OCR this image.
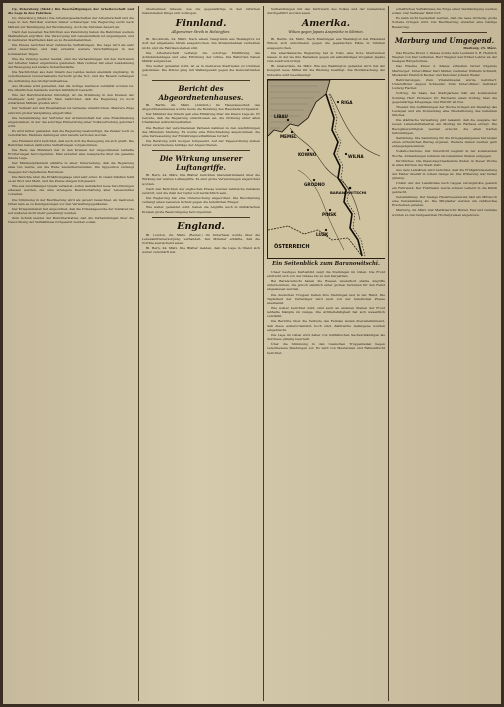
Cp. Petersburg (Meld.) Die Beschäftigungen der Arbeiterschaft und die Lage in den Fabriken.

Cp. Petersburg (Meld.) Die Arbeitergesellschaften der Arbeiterschaft und die Lage in den Fabriken werden immer schwieriger. Die Regierung sucht nach Mitteln zur Beruhigung der Bevölkerung, doch die Unruhen dauern an.

Nach den neuesten Nachrichten aus Petersburg haben die Behörden weitere Maßnahmen ergriffen. Die Versorgung mit Lebensmitteln ist ungenügend, und in mehreren Stadtteilen kam es zu Zusammenstößen.

Die Presse berichtet über zahlreiche Verhaftungen. Die Lage wird als sehr ernst bezeichnet, und man erwartet weitere Verschärfungen in den kommenden Tagen.

Wie die Zeitung weiter meldet, sind die Verhandlungen mit den Vertretern der Arbeiter bisher ergebnislos geblieben. Man rechnet mit einer Ausdehnung der Bewegung auf andere Industriestädte.

Die Nachrichten aus dem Innern des Landes lauten ebenfalls ungünstig. In verschiedenen Gouvernements herrscht große Not, und die Bauern verlangen die Aufteilung des Großgrundbesitzes.

Aus Moskau wird gemeldet, daß die dortige Garnison verstärkt worden ist. Die öffentlichen Gebäude werden militärisch bewacht.

Wie der Berichterstatter hinzufügt, ist die Stimmung in den Kreisen der Intelligenz sehr gedrückt. Man befürchtet, daß die Regierung zu noch schärferen Mitteln greifen wird.

Der Verkehr auf den Eisenbahnen ist teilweise unterbrochen. Mehrere Züge sind mit großer Verspätung eingetroffen.

Die Versammlung der Vertreter der Arbeiterschaft hat eine Entschließung angenommen, in der die sofortige Einberufung einer Volksvertretung gefordert wird.

Es wird ferner gemeldet, daß die Regierung beabsichtigt, die Zensur noch zu verschärfen. Mehrere Zeitungen sind bereits verboten worden.

Aus Finnland wird berichtet, daß auch dort die Bewegung um sich greift. Die Behörden haben zahlreiche Verhaftungen vorgenommen.

Die Rede des Ministers hat in den Kreisen der Abgeordneten lebhafte Erörterungen hervorgerufen. Man erwartet eine Aussprache über die gesamte innere Lage.

Der Ministerpräsident erklärte in einer Unterredung, daß die Regierung alles tun werde, um die Ruhe wiederherzustellen. Die Opposition verlangt dagegen durchgreifende Reformen.

Die Berichte über die Ernährungslage sind sehr ernst. In vielen Städten fehlt es an Brot und Mehl, und die Preise steigen fortgesetzt.

Wie aus zuverlässiger Quelle verlautet, sollen demnächst neue Verordnungen erlassen werden, die eine strengere Bewirtschaftung aller Lebensmittel vorsehen.

Die Stimmung in der Bevölkerung wird als gereizt bezeichnet. An mehreren Orten kam es zu Kundgebungen vor den Verwaltungsgebäuden.

Der Kriegsminister hat angeordnet, daß die Urlaubsgesuche der Soldaten bis auf weiteres nicht mehr genehmigt werden.

Zum Schluß meldet der Berichterstatter, daß die Verhandlungen über die Neuordnung der Verhältnisse fortgesetzt werden sollen.

übernehmen müssen, wie die gegenwärtige in den östlichen Gebietsteilen Dinge sich vollzogen.

Finnland.
Allgemeiner Streik in Helsingfors.

Bl. Stockholm, 24. März. Nach einem Telegramm aus Helsingfors ist dort der allgemeine Streik ausgebrochen. Die Straßenbahnen verkehren nicht, und die Fabriken stehen still.

Die Arbeiterschaft verlangt die sofortige Einführung des Achtstundentages und eine Erhöhung der Löhne. Die Behörden haben Militär aufgeboten.

Wie weiter gemeldet wird, ist es in mehreren Stadtteilen zu Unruhen gekommen. Die Polizei ging mit Waffengewalt gegen die Demonstranten vor.

Bericht des Abgeordnetenhauses.

Bl. Berlin, 24. März. (Amtlich.) Im Hauptausschuß des Abgeordnetenhauses wurde heute die Beratung des Haushalts fortgesetzt.

Der Minister des Innern gab eine Erklärung über die innere Lage ab. Er betonte, daß die Regierung entschlossen sei, die Ordnung unter allen Umständen aufrechtzuerhalten.

Die Redner der verschiedenen Parteien nahmen zu den Ausführungen des Ministers Stellung. Es wurde eine Entschließung angenommen, die eine Verbesserung der Ernährungsverhältnisse fordert.

Die Beratung wird morgen fortgesetzt. Auf der Tagesordnung stehen ferner verschiedene Anträge der Abgeordneten.

Die Wirkung unserer Luftangriffe.

Bl. Bern, 24. März. Die Blätter berichten übereinstimmend über die Wirkung der letzten Luftangriffe. Es sind große Verwüstungen angerichtet worden.

Nach den Berichten der englischen Presse wurden zahlreiche Gebäude zerstört, und die Zahl der Opfer soll beträchtlich sein.

Die Regierung hat eine Untersuchung angeordnet. Die Bevölkerung verlangt einen besseren Schutz gegen die feindlichen Flieger.

Wie weiter gemeldet wird, haben die Angriffe auch in militärischen Kreisen große Beunruhigung hervorgerufen.

England.

Bl. London, 24. März. (Reuter.) Im Unterhaus wurde über die Lebensmittelversorgung verhandelt. Der Minister erklärte, daß die Vorräte ausreichend seien.

Bl. Bern, 24. März. Die Blätter melden, daß die Lage in Irland sich weiter verschärft hat.

Verhandlungen mit den Vertretern des Volkes und der Gemeinden durchgeführt worden seien.

Amerika.
Wilson gegen Japans Ansprüche in Sibirien.

Bl. Berlin, 24. März. Nach Meldungen aus Washington hat Präsident Wilson sich entschieden gegen die japanischen Pläne in Sibirien ausgesprochen.

Die amerikanische Regierung hat in Tokio eine Note überreichen lassen, in der sie ihre Bedenken gegen ein selbständiges Vorgehen Japans zum Ausdruck bringt.

Bl. Amsterdam, 24. März. Wie aus Washington gemeldet wird, hat der Kongreß neue Mittel für die Rüstung bewilligt. Die Mobilmachung der Industrie wird beschleunigt.

MEMEL
LIBAU
RIGA
KOWNO	WILNA
GRODNO
BARANOWITSCHI
PINSK
LUZK
ÖSTERREICH
Ein Seitenblick zum Baranowitschi.

Unser heutiges Kartenbild zeigt die Stellungen im Osten. Die Front erstreckt sich von der Ostsee bis zu den Karpathen.

Bei Baranowitschi haben die Russen wiederholt starke Angriffe unternommen, die jedoch sämtlich unter großen Verlusten für den Feind abgewiesen wurden.

Die deutschen Truppen halten ihre Stellungen fest in der Hand. Die Tapferkeit der Verteidiger wird auch von der feindlichen Presse anerkannt.

Wie weiter berichtet wird, sind auch an anderen Stellen der Front lebhafte Kämpfe im Gange. Die Artillerietätigkeit hat sich wesentlich verstärkt.

Die Berichte über die Verluste des Feindes lauten übereinstimmend, daß diese außerordentlich hoch sind. Zahlreiche Gefangene wurden eingebracht.

Die Lage im Osten wird daher von militärischen Sachverständigen als durchaus günstig beurteilt.

Über die Stimmung in den russischen Truppenteilen liegen verschiedene Meldungen vor. Es wird von Meutereien und Fahnenflucht berichtet.

schaftlichen Verhältnisse die Folge einer Verständigung werden sollen. Der Verfasser fährt fort:

Es kann nicht bezweifelt werden, daß die neue Ordnung große Vorteile bringen wird. Die Bevölkerung erwartet eine baldige Besserung.

Marburg und Umgegend.

Marburg, 25. März.

Das Eiserne Kreuz 1. Klasse wurde dem Leutnant d. R. Heinrich Wagner von hier verliehen. Herr Wagner war früher Lehrer an der hiesigen Bürgerschule.

Das Eiserne Kreuz 2. Klasse erhielten ferner folgende Marburger: Unteroffizier Karl Müller, Gefreiter Wilhelm Schmidt, Musketier Heinrich Becker und Kanonier Johann Weber.

Beförderungen. Zum Vizefeldwebel wurde befördert: Unteroffizier August Schneider. Zum Unteroffizier: Gefreiter Ludwig Fischer.

Vortrag. Im Saale des Stadtgartens hält am kommenden Sonntag Herr Professor Dr. Hermann einen Vortrag über die gegenwärtige Kriegslage. Der Eintritt ist frei.

Theater. Die Aufführungen der Woche bringen am Dienstag das Lustspiel und am Donnerstag eine Wiederholung des beliebten Stückes.

Die städtische Verwaltung gibt bekannt, daß die Ausgabe der neuen Lebensmittelkarten am Montag im Rathaus erfolgt. Die Bezugsberechtigten werden ersucht, die alten Karten mitzubringen.

Sammlung. Die Sammlung für die Kriegsgefangenen hat bisher einen erfreulichen Betrag ergeben. Weitere Gaben werden gern entgegengenommen.

Volkshochschule. Der Unterricht beginnt in der kommenden Woche. Anmeldungen nehmen die bekannten Stellen entgegen.

Kirchliches. Die Passionsgottesdienste finden in dieser Woche in allen Kirchen der Stadt statt.

Aus dem Landkreis wird berichtet, daß die Frühjahrsbestellung der Felder überall in vollem Gange ist. Die Witterung war bisher günstig.

Unfall. Auf der Landstraße nach Cappel verunglückte gestern ein Fuhrwerk. Der Fuhrmann wurde schwer verletzt in die Klinik gebracht.

Versammlung. Der hiesige Hausfrauenverein hält am Mittwoch eine Versammlung ab. Die Mitglieder werden um zahlreiches Erscheinen gebeten.

Marburg, 24. März. Der Marktbericht: Butter, Eier und Gemüse wurden zu den festgesetzten Höchstpreisen angeboten.
